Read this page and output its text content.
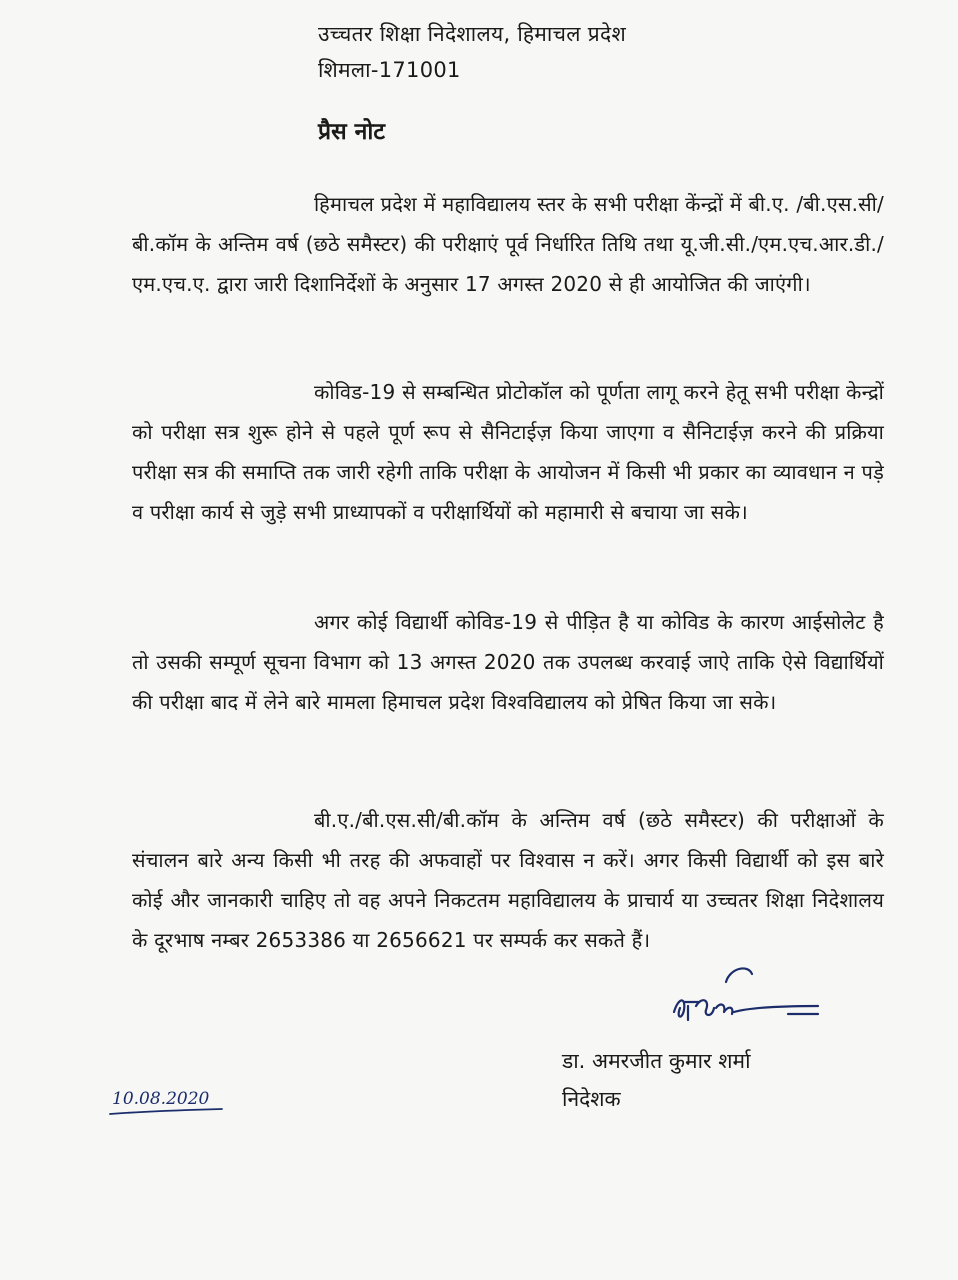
उच्चतर शिक्षा निदेशालय, हिमाचल प्रदेश
शिमला-171001
प्रैस नोट
हिमाचल प्रदेश में महाविद्यालय स्तर के सभी परीक्षा केंन्द्रों में बी.ए. /बी.एस.सी/बी.कॉम के अन्तिम वर्ष (छठे समैस्टर) की परीक्षाएं पूर्व निर्धारित तिथि तथा यू.जी.सी./एम.एच.आर.डी./एम.एच.ए. द्वारा जारी दिशानिर्देशों के अनुसार 17 अगस्त 2020 से ही आयोजित की जाएंगी।
कोविड-19 से सम्बन्धित प्रोटोकॉल को पूर्णता लागू करने हेतू सभी परीक्षा केन्द्रों को परीक्षा सत्र शुरू होने से पहले पूर्ण रूप से सैनिटाईज़ किया जाएगा व सैनिटाईज़ करने की प्रक्रिया परीक्षा सत्र की समाप्ति तक जारी रहेगी ताकि परीक्षा के आयोजन में किसी भी प्रकार का व्यावधान न पड़े व परीक्षा कार्य से जुड़े सभी प्राध्यापकों व परीक्षार्थियों को महामारी से बचाया जा सके।
अगर कोई विद्यार्थी कोविड-19 से पीड़ित है या कोविड के कारण आईसोलेट है तो उसकी सम्पूर्ण सूचना विभाग को 13 अगस्त 2020 तक उपलब्ध करवाई जाऐ ताकि ऐसे विद्यार्थियों की परीक्षा बाद में लेने बारे मामला हिमाचल प्रदेश विश्वविद्यालय को प्रेषित किया जा सके।
बी.ए./बी.एस.सी/बी.कॉम के अन्तिम वर्ष (छठे समैस्टर) की परीक्षाओं के संचालन बारे अन्य किसी भी तरह की अफवाहों पर विश्वास न करें। अगर किसी विद्यार्थी को इस बारे कोई और जानकारी चाहिए तो वह अपने निकटतम महाविद्यालय के प्राचार्य या उच्चतर शिक्षा निदेशालय के दूरभाष नम्बर 2653386 या 2656621 पर सम्पर्क कर सकते हैं।
डा. अमरजीत कुमार शर्मा
निदेशक
10.08.2020
